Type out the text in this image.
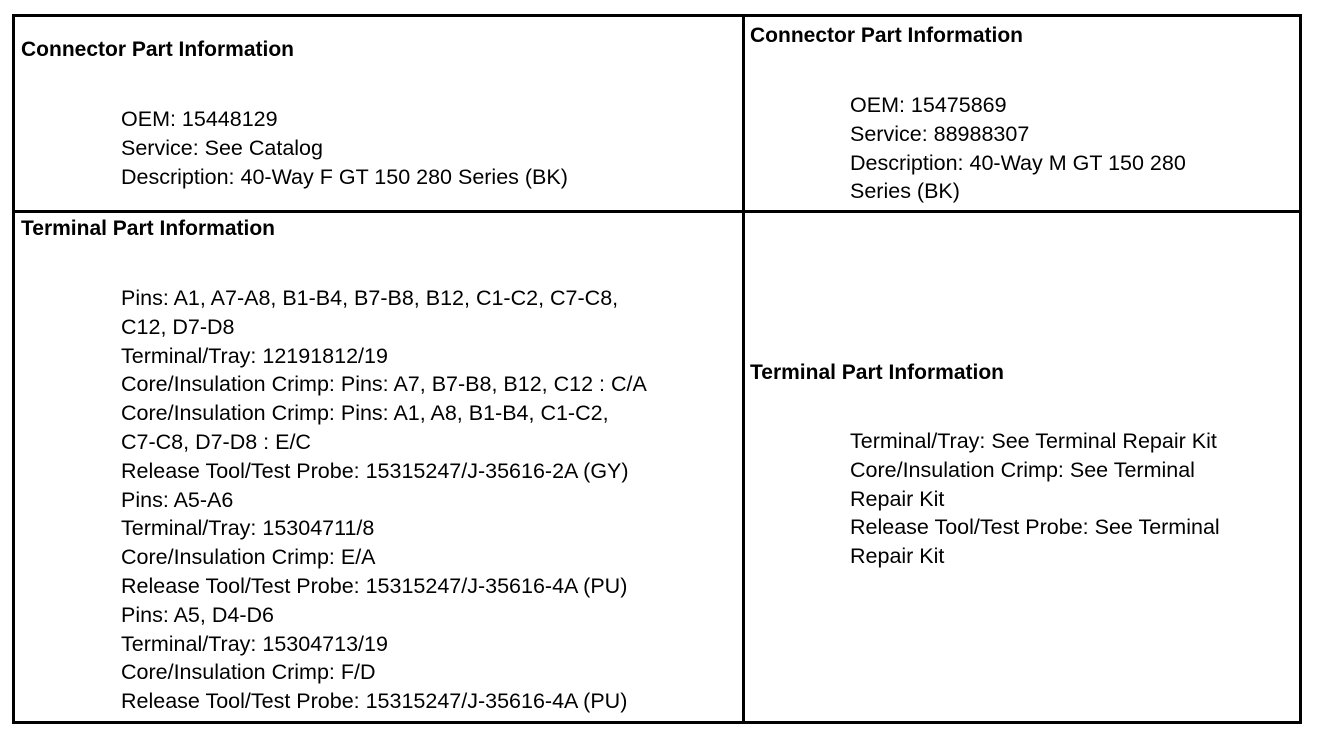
Connector Part Information
OEM: 15448129
Service: See Catalog
Description: 40-Way F GT 150 280 Series (BK)
Connector Part Information
OEM: 15475869
Service: 88988307
Description: 40-Way M GT 150 280
Series (BK)
Terminal Part Information
Pins: A1, A7-A8, B1-B4, B7-B8, B12, C1-C2, C7-C8,
C12, D7-D8
Terminal/Tray: 12191812/19
Core/Insulation Crimp: Pins: A7, B7-B8, B12, C12 : C/A
Core/Insulation Crimp: Pins: A1, A8, B1-B4, C1-C2,
C7-C8, D7-D8 : E/C
Release Tool/Test Probe: 15315247/J-35616-2A (GY)
Pins: A5-A6
Terminal/Tray: 15304711/8
Core/Insulation Crimp: E/A
Release Tool/Test Probe: 15315247/J-35616-4A (PU)
Pins: A5, D4-D6
Terminal/Tray: 15304713/19
Core/Insulation Crimp: F/D
Release Tool/Test Probe: 15315247/J-35616-4A (PU)
Terminal Part Information
Terminal/Tray: See Terminal Repair Kit
Core/Insulation Crimp: See Terminal
Repair Kit
Release Tool/Test Probe: See Terminal
Repair Kit
